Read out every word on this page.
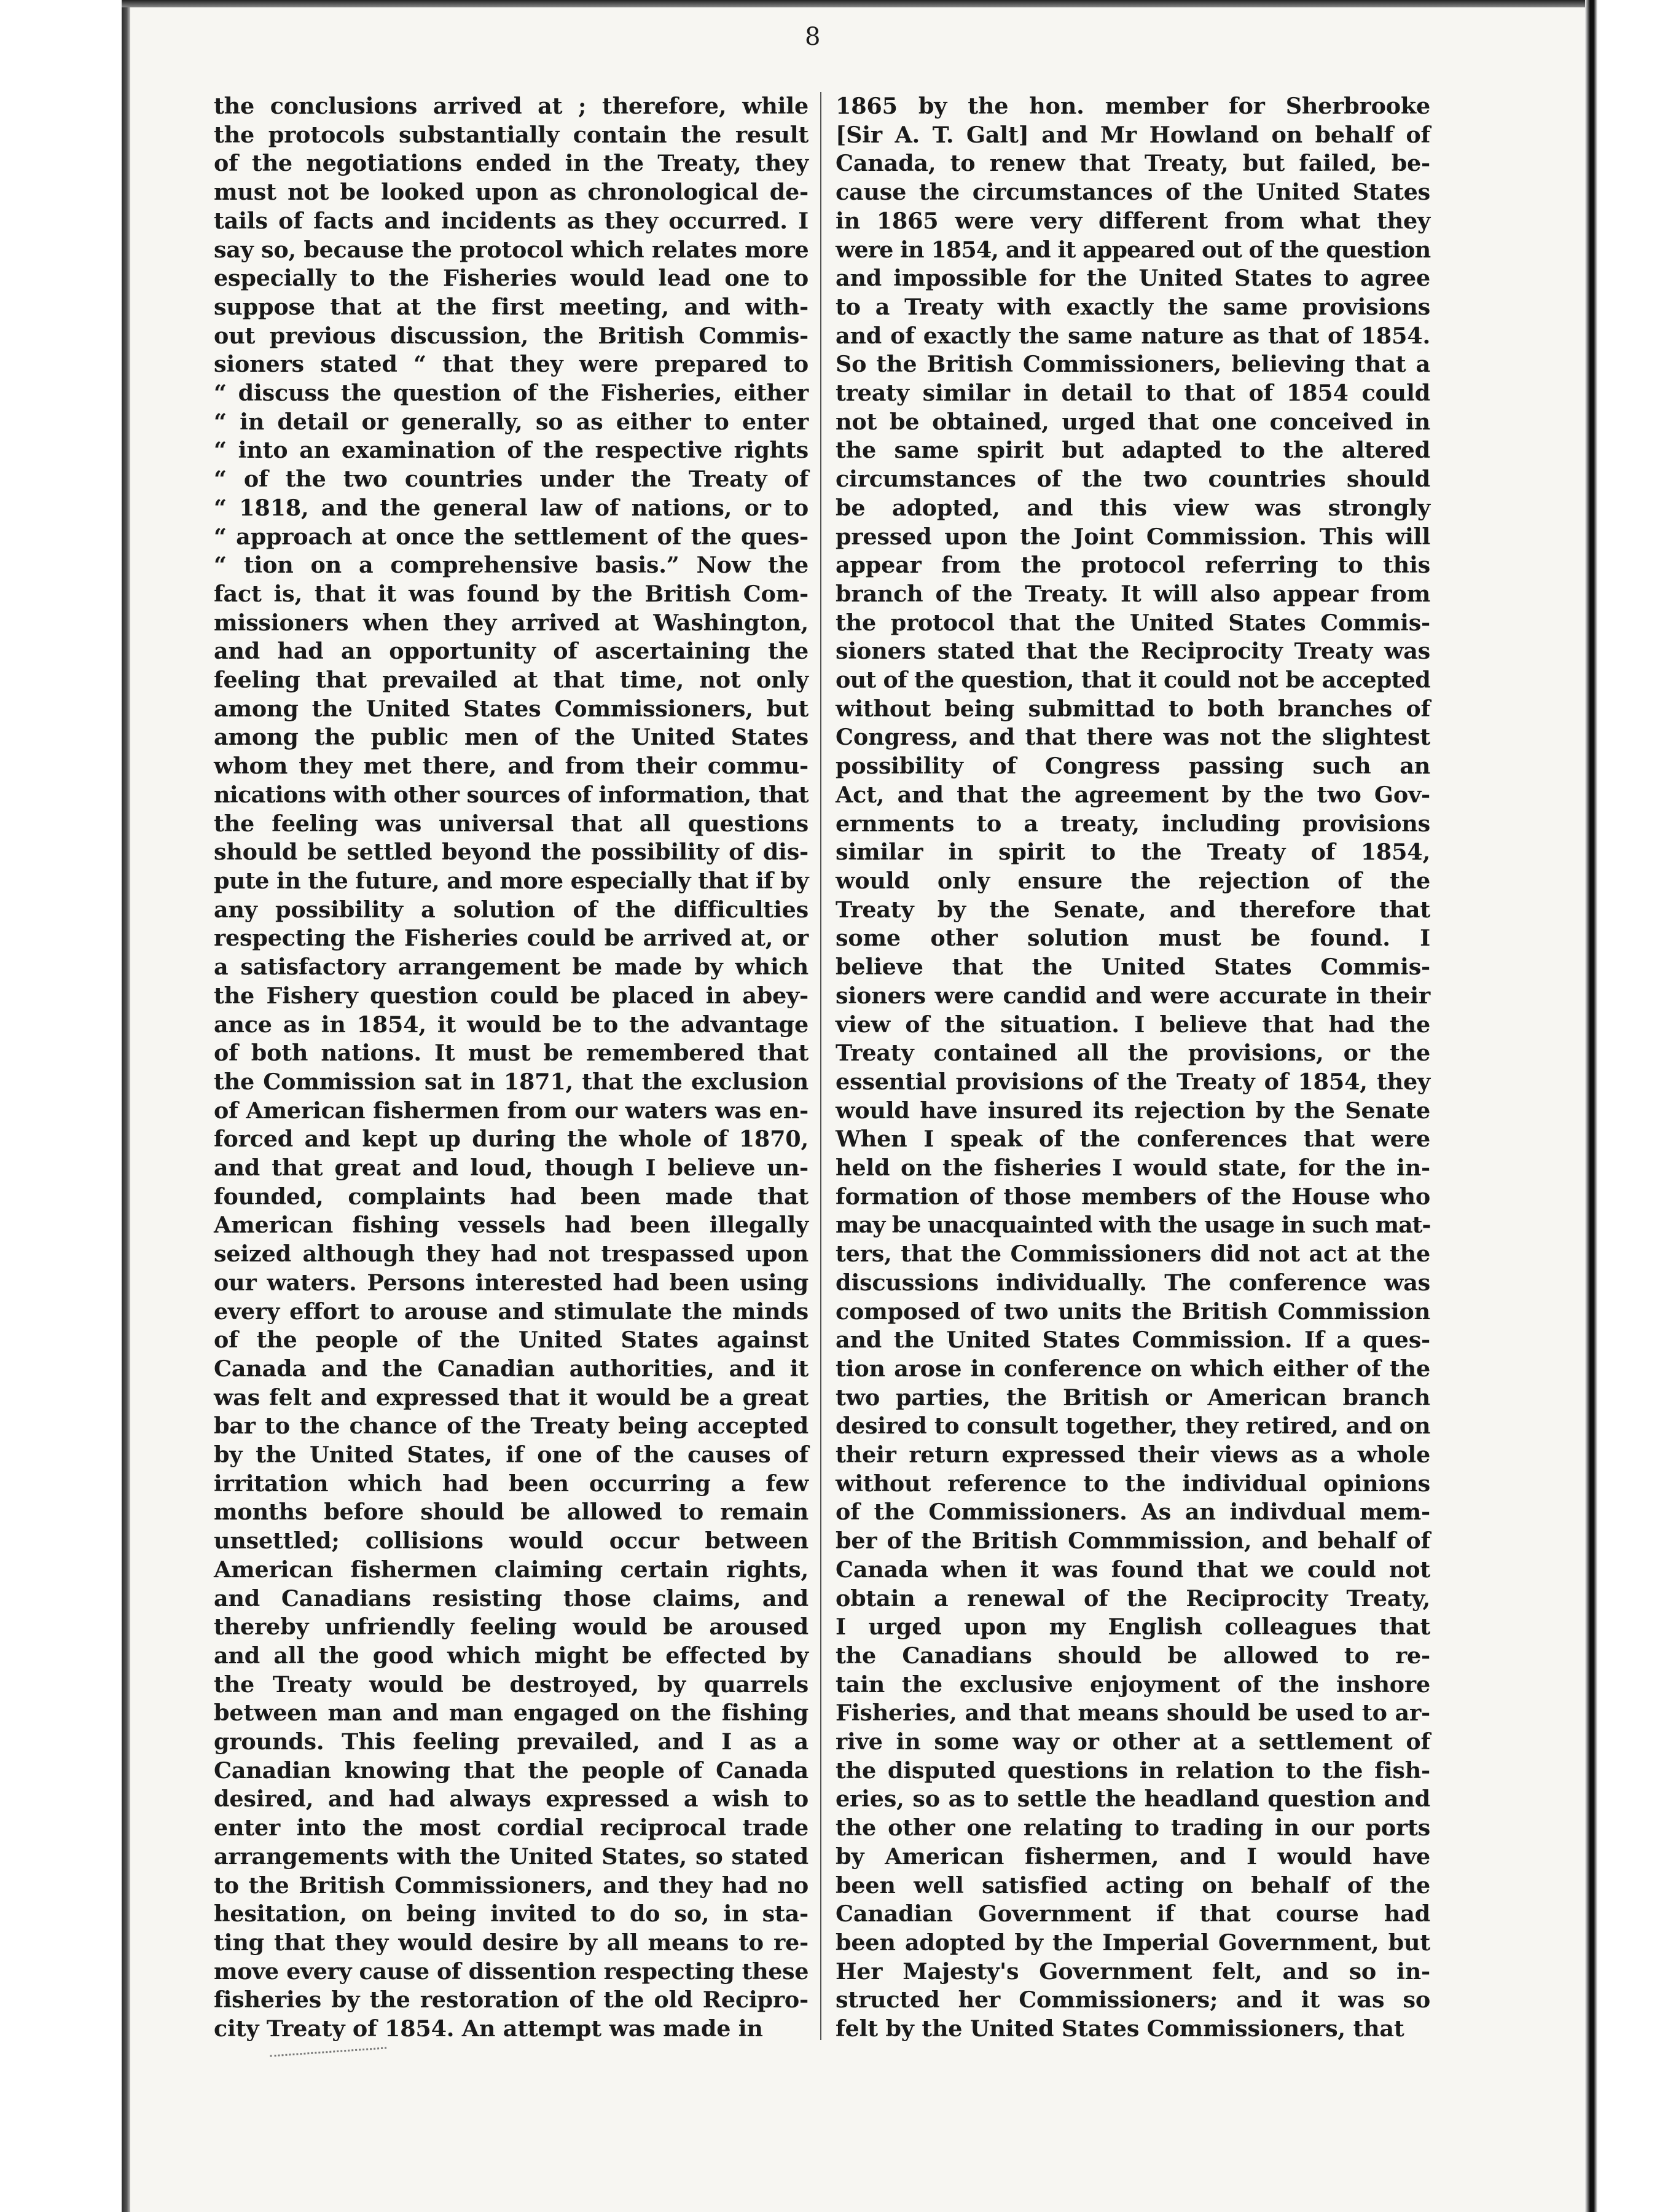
8
the conclusions arrived at ; therefore, while
the protocols substantially contain the result
of the negotiations ended in the Treaty, they
must not be looked upon as chronological de-
tails of facts and incidents as they occurred. I
say so, because the protocol which relates more
especially to the Fisheries would lead one to
suppose that at the first meeting, and with-
out previous discussion, the British Commis-
sioners stated “ that they were prepared to
“ discuss the question of the Fisheries, either
“ in detail or generally, so as either to enter
“ into an examination of the respective rights
“ of the two countries under the Treaty of
“ 1818, and the general law of nations, or to
“ approach at once the settlement of the ques-
“ tion on a comprehensive basis.” Now the
fact is, that it was found by the British Com-
missioners when they arrived at Washington,
and had an opportunity of ascertaining the
feeling that prevailed at that time, not only
among the United States Commissioners, but
among the public men of the United States
whom they met there, and from their commu-
nications with other sources of information, that
the feeling was universal that all questions
should be settled beyond the possibility of dis-
pute in the future, and more especially that if by
any possibility a solution of the difficulties
respecting the Fisheries could be arrived at, or
a satisfactory arrangement be made by which
the Fishery question could be placed in abey-
ance as in 1854, it would be to the advantage
of both nations. It must be remembered that
the Commission sat in 1871, that the exclusion
of American fishermen from our waters was en-
forced and kept up during the whole of 1870,
and that great and loud, though I believe un-
founded, complaints had been made that
American fishing vessels had been illegally
seized although they had not trespassed upon
our waters. Persons interested had been using
every effort to arouse and stimulate the minds
of the people of the United States against
Canada and the Canadian authorities, and it
was felt and expressed that it would be a great
bar to the chance of the Treaty being accepted
by the United States, if one of the causes of
irritation which had been occurring a few
months before should be allowed to remain
unsettled; collisions would occur between
American fishermen claiming certain rights,
and Canadians resisting those claims, and
thereby unfriendly feeling would be aroused
and all the good which might be effected by
the Treaty would be destroyed, by quarrels
between man and man engaged on the fishing
grounds. This feeling prevailed, and I as a
Canadian knowing that the people of Canada
desired, and had always expressed a wish to
enter into the most cordial reciprocal trade
arrangements with the United States, so stated
to the British Commissioners, and they had no
hesitation, on being invited to do so, in sta-
ting that they would desire by all means to re-
move every cause of dissention respecting these
fisheries by the restoration of the old Recipro-
city Treaty of 1854. An attempt was made in
1865 by the hon. member for Sherbrooke
[Sir A. T. Galt] and Mr Howland on behalf of
Canada, to renew that Treaty, but failed, be-
cause the circumstances of the United States
in 1865 were very different from what they
were in 1854, and it appeared out of the question
and impossible for the United States to agree
to a Treaty with exactly the same provisions
and of exactly the same nature as that of 1854.
So the British Commissioners, believing that a
treaty similar in detail to that of 1854 could
not be obtained, urged that one conceived in
the same spirit but adapted to the altered
circumstances of the two countries should
be adopted, and this view was strongly
pressed upon the Joint Commission. This will
appear from the protocol referring to this
branch of the Treaty. It will also appear from
the protocol that the United States Commis-
sioners stated that the Reciprocity Treaty was
out of the question, that it could not be accepted
without being submittad to both branches of
Congress, and that there was not the slightest
possibility of Congress passing such an
Act, and that the agreement by the two Gov-
ernments to a treaty, including provisions
similar in spirit to the Treaty of 1854,
would only ensure the rejection of the
Treaty by the Senate, and therefore that
some other solution must be found. I
believe that the United States Commis-
sioners were candid and were accurate in their
view of the situation. I believe that had the
Treaty contained all the provisions, or the
essential provisions of the Treaty of 1854, they
would have insured its rejection by the Senate
When I speak of the conferences that were
held on the fisheries I would state, for the in-
formation of those members of the House who
may be unacquainted with the usage in such mat-
ters, that the Commissioners did not act at the
discussions individually. The conference was
composed of two units the British Commission
and the United States Commission. If a ques-
tion arose in conference on which either of the
two parties, the British or American branch
desired to consult together, they retired, and on
their return expressed their views as a whole
without reference to the individual opinions
of the Commissioners. As an indivdual mem-
ber of the British Commmission, and behalf of
Canada when it was found that we could not
obtain a renewal of the Reciprocity Treaty,
I urged upon my English colleagues that
the Canadians should be allowed to re-
tain the exclusive enjoyment of the inshore
Fisheries, and that means should be used to ar-
rive in some way or other at a settlement of
the disputed questions in relation to the fish-
eries, so as to settle the headland question and
the other one relating to trading in our ports
by American fishermen, and I would have
been well satisfied acting on behalf of the
Canadian Government if that course had
been adopted by the Imperial Government, but
Her Majesty's Government felt, and so in-
structed her Commissioners; and it was so
felt by the United States Commissioners, that
